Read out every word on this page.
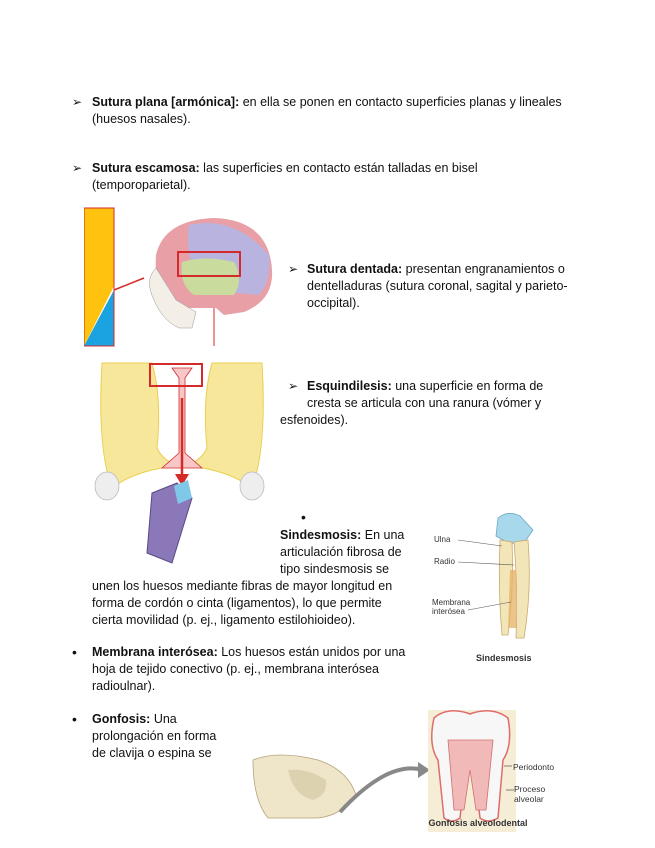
➢ Sutura plana [armónica]: en ella se ponen en contacto superficies planas y lineales (huesos nasales).

➢ Sutura escamosa: las superficies en contacto están talladas en bisel (temporoparietal).

➢ Sutura dentada: presentan engranamientos o dentelladuras (sutura coronal, sagital y parieto-occipital).

➢ Esquindilesis: una superficie en forma de

cresta se articula con una ranura (vómer y esfenoides).

•

Sindesmosis: En una articulación fibrosa de tipo sindesmosis se

unen los huesos mediante fibras de mayor longitud en forma de cordón o cinta (ligamentos), lo que permite cierta movilidad (p. ej., ligamento estilohioideo).

Ulna
Radio
Membrana interósea
Sindesmosis
• Membrana interósea: Los huesos están unidos por una hoja de tejido conectivo (p. ej., membrana interósea radioulnar).

• Gonfosis: Una prolongación en forma de clavija o espina se

Periodonto
Proceso alveolar
Gonfosis alveolodental
